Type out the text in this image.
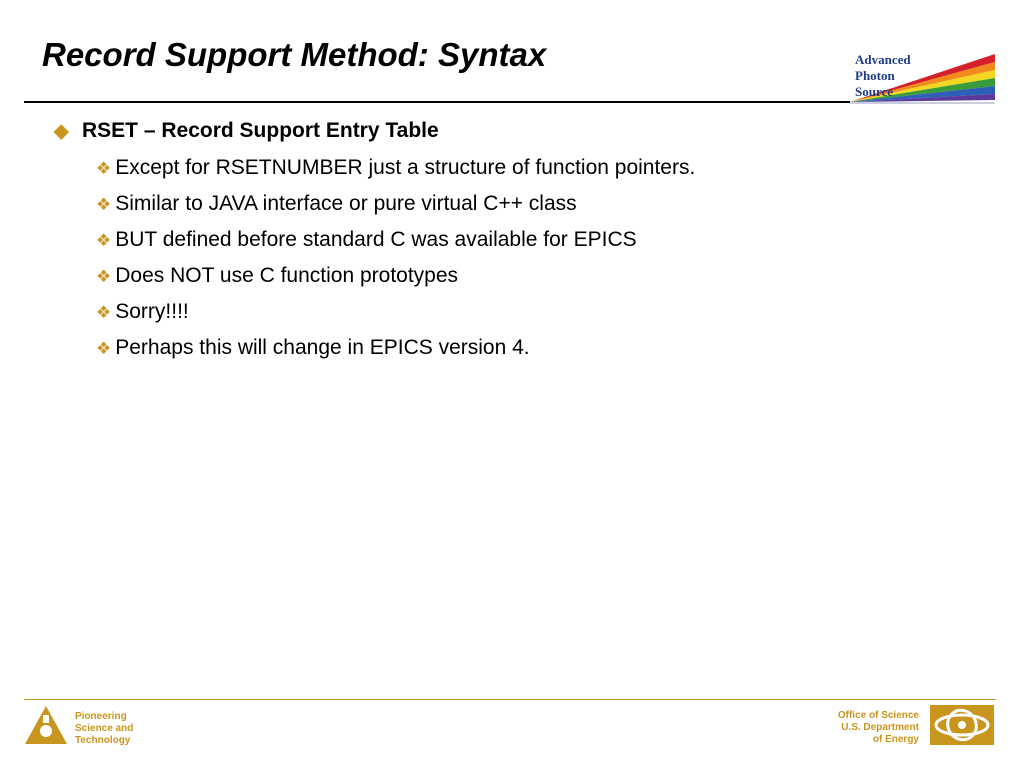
Record Support Method: Syntax	Advanced
Photon
Source
◆ RSET – Record Support Entry Table
❖ Except for RSETNUMBER just a structure of function pointers.
❖ Similar to JAVA interface or pure virtual C++ class
❖ BUT defined before standard C was available for EPICS
❖ Does NOT use C function prototypes
❖ Sorry!!!!
❖ Perhaps this will change in EPICS version 4.
Pioneering
Science and
Technology
Office of Science
U.S. Department
of Energy
